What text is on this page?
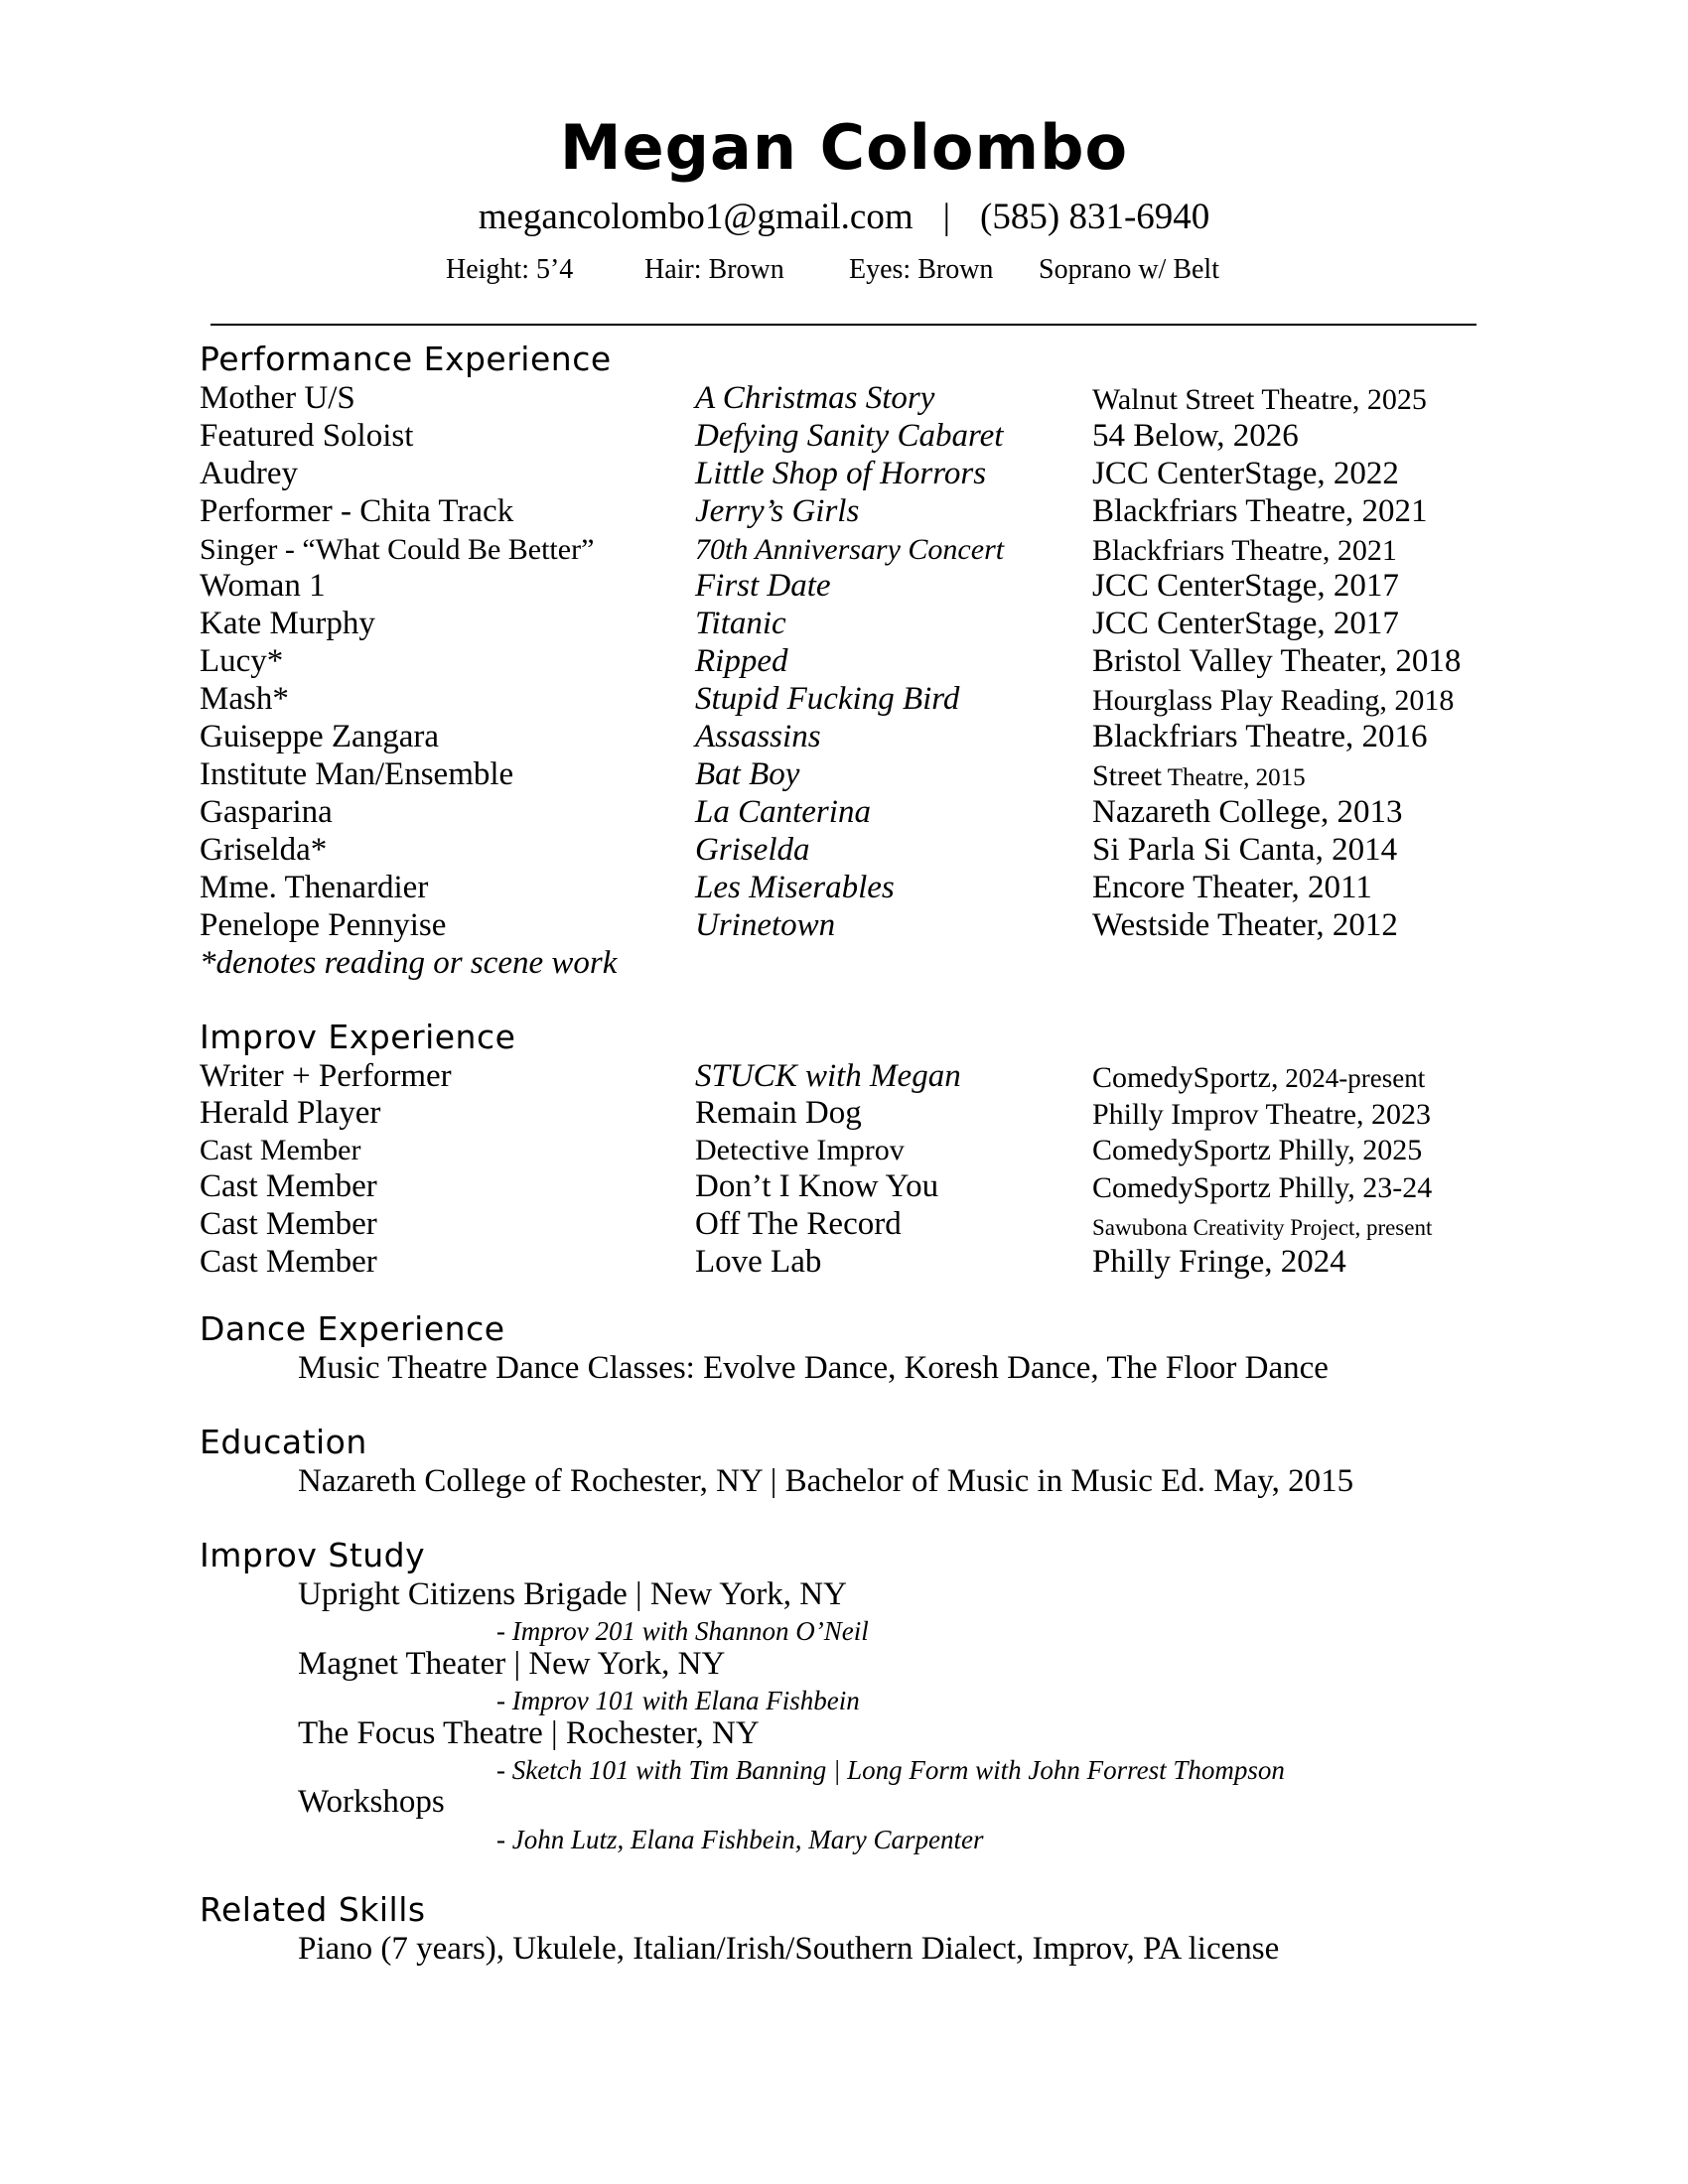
Megan Colombo
megancolombo1@gmail.com | (585) 831-6940
Height: 5’4	Hair: Brown Eyes: Brown Soprano w/ Belt
Performance Experience
Mother U/S	A Christmas Story	Walnut Street Theatre, 2025
Featured Soloist	Defying Sanity Cabaret	54 Below, 2026
Audrey	Little Shop of Horrors	JCC CenterStage, 2022
Performer - Chita Track	Jerry’s Girls	Blackfriars Theatre, 2021
Singer - “What Could Be Better”	70th Anniversary Concert	Blackfriars Theatre, 2021
Woman 1	First Date	JCC CenterStage, 2017
Kate Murphy	Titanic	JCC CenterStage, 2017
Lucy*	Ripped	Bristol Valley Theater, 2018
Mash*	Stupid Fucking Bird	Hourglass Play Reading, 2018
Guiseppe Zangara	Assassins	Blackfriars Theatre, 2016
Institute Man/Ensemble	Bat Boy	Street Theatre, 2015
Gasparina	La Canterina	Nazareth College, 2013
Griselda*	Griselda	Si Parla Si Canta, 2014
Mme. Thenardier	Les Miserables	Encore Theater, 2011
Penelope Pennyise	Urinetown	Westside Theater, 2012
*denotes reading or scene work
Improv Experience
Writer + Performer	STUCK with Megan	ComedySportz, 2024-present
Herald Player	Remain Dog	Philly Improv Theatre, 2023
Cast Member	Detective Improv	ComedySportz Philly, 2025
Cast Member	Don’t I Know You	ComedySportz Philly, 23-24
Cast Member	Off The Record	Sawubona Creativity Project, present
Cast Member	Love Lab	Philly Fringe, 2024
Dance Experience
Music Theatre Dance Classes: Evolve Dance, Koresh Dance, The Floor Dance
Education
Nazareth College of Rochester, NY | Bachelor of Music in Music Ed. May, 2015
Improv Study
Upright Citizens Brigade | New York, NY
- Improv 201 with Shannon O’Neil
Magnet Theater | New York, NY
- Improv 101 with Elana Fishbein
The Focus Theatre | Rochester, NY
- Sketch 101 with Tim Banning | Long Form with John Forrest Thompson
Workshops
- John Lutz, Elana Fishbein, Mary Carpenter
Related Skills
Piano (7 years), Ukulele, Italian/Irish/Southern Dialect, Improv, PA license
